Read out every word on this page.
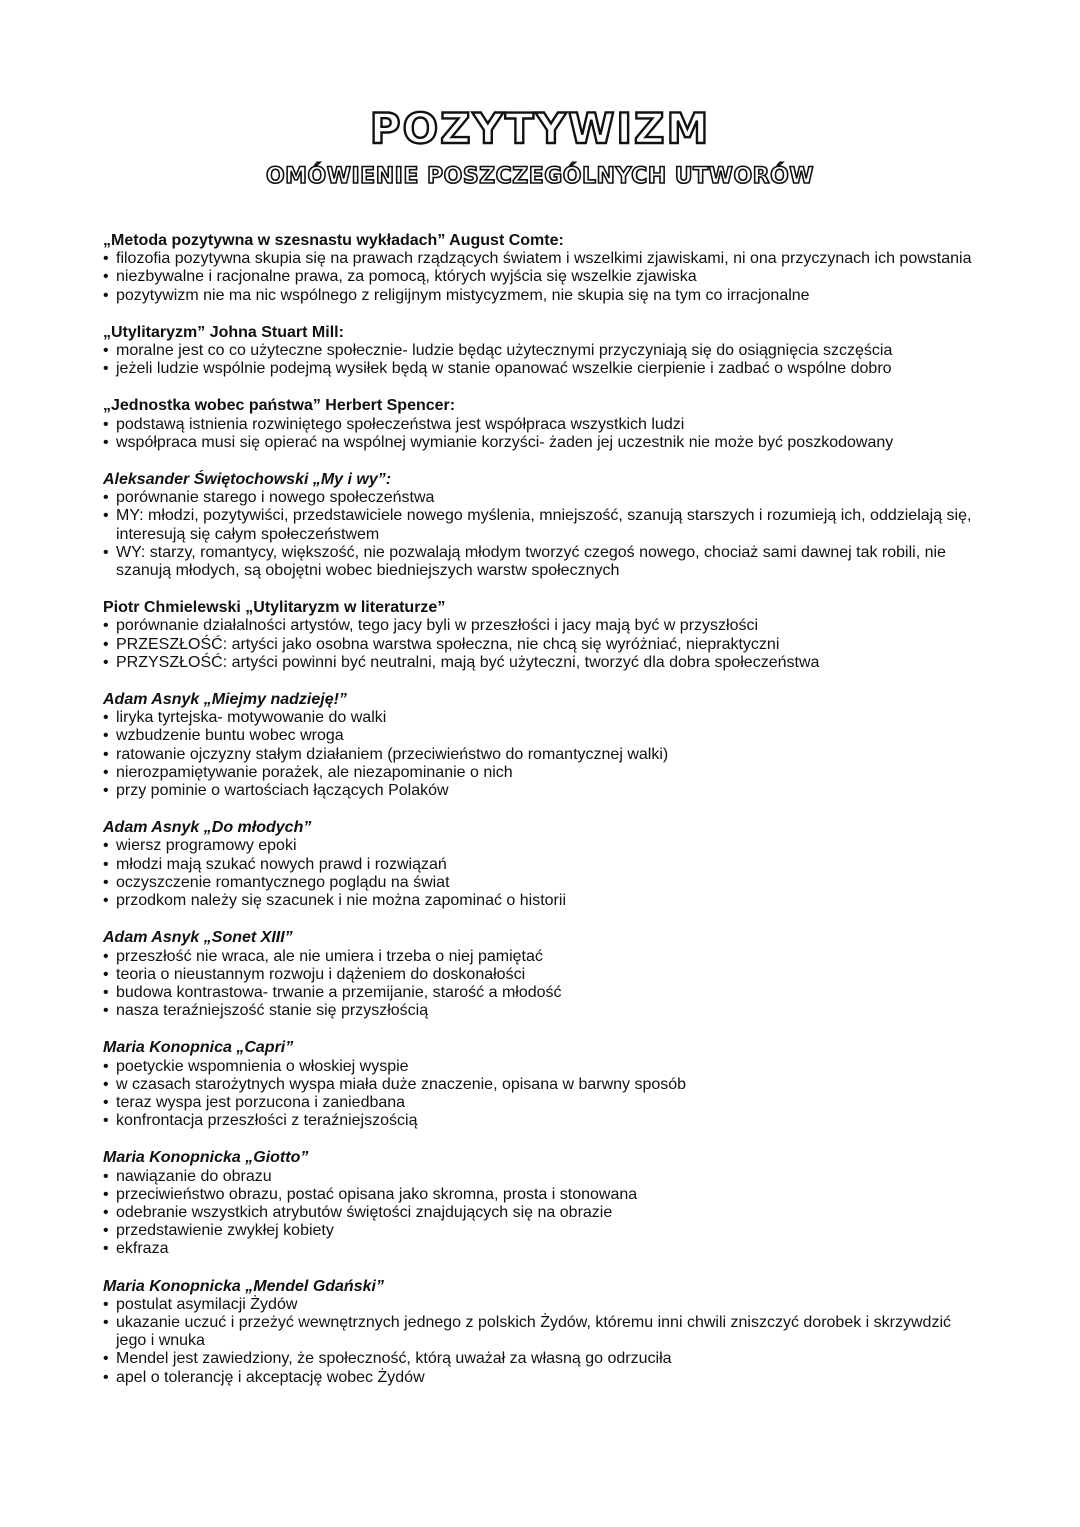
POZYTYWIZM
OMÓWIENIE POSZCZEGÓLNYCH UTWORÓW
„Metoda pozytywna w szesnastu wykładach” August Comte:
• filozofia pozytywna skupia się na prawach rządzących światem i wszelkimi zjawiskami, ni ona przyczynach ich powstania
• niezbywalne i racjonalne prawa, za pomocą, których wyjścia się wszelkie zjawiska
• pozytywizm nie ma nic wspólnego z religijnym mistycyzmem, nie skupia się na tym co irracjonalne
„Utylitaryzm” Johna Stuart Mill:
• moralne jest co co użyteczne społecznie- ludzie będąc użytecznymi przyczyniają się do osiągnięcia szczęścia
• jeżeli ludzie wspólnie podejmą wysiłek będą w stanie opanować wszelkie cierpienie i zadbać o wspólne dobro
„Jednostka wobec państwa” Herbert Spencer:
• podstawą istnienia rozwiniętego społeczeństwa jest współpraca wszystkich ludzi
• współpraca musi się opierać na wspólnej wymianie korzyści- żaden jej uczestnik nie może być poszkodowany
Aleksander Świętochowski „My i wy”:
• porównanie starego i nowego społeczeństwa
• MY: młodzi, pozytywiści, przedstawiciele nowego myślenia, mniejszość, szanują starszych i rozumieją ich, oddzielają się, interesują się całym społeczeństwem
• WY: starzy, romantycy, większość, nie pozwalają młodym tworzyć czegoś nowego, chociaż sami dawnej tak robili, nie szanują młodych, są obojętni wobec biedniejszych warstw społecznych
Piotr Chmielewski „Utylitaryzm w literaturze”
• porównanie działalności artystów, tego jacy byli w przeszłości i jacy mają być w przyszłości
• PRZESZŁOŚĆ: artyści jako osobna warstwa społeczna, nie chcą się wyróżniać, niepraktyczni
• PRZYSZŁOŚĆ: artyści powinni być neutralni, mają być użyteczni, tworzyć dla dobra społeczeństwa
Adam Asnyk „Miejmy nadzieję!”
• liryka tyrtejska- motywowanie do walki
• wzbudzenie buntu wobec wroga
• ratowanie ojczyzny stałym działaniem (przeciwieństwo do romantycznej walki)
• nierozpamiętywanie porażek, ale niezapominanie o nich
• przy pominie o wartościach łączących Polaków
Adam Asnyk „Do młodych”
• wiersz programowy epoki
• młodzi mają szukać nowych prawd i rozwiązań
• oczyszczenie romantycznego poglądu na świat
• przodkom należy się szacunek i nie można zapominać o historii
Adam Asnyk „Sonet XIII”
• przeszłość nie wraca, ale nie umiera i trzeba o niej pamiętać
• teoria o nieustannym rozwoju i dążeniem do doskonałości
• budowa kontrastowa- trwanie a przemijanie, starość a młodość
• nasza teraźniejszość stanie się przyszłością
Maria Konopnica „Capri”
• poetyckie wspomnienia o włoskiej wyspie
• w czasach starożytnych wyspa miała duże znaczenie, opisana w barwny sposób
• teraz wyspa jest porzucona i zaniedbana
• konfrontacja przeszłości z teraźniejszością
Maria Konopnicka „Giotto”
• nawiązanie do obrazu
• przeciwieństwo obrazu, postać opisana jako skromna, prosta i stonowana
• odebranie wszystkich atrybutów świętości znajdujących się na obrazie
• przedstawienie zwykłej kobiety
• ekfraza
Maria Konopnicka „Mendel Gdański”
• postulat asymilacji Żydów
• ukazanie uczuć i przeżyć wewnętrznych jednego z polskich Żydów, któremu inni chwili zniszczyć dorobek i skrzywdzić jego i wnuka
• Mendel jest zawiedziony, że społeczność, którą uważał za własną go odrzuciła
• apel o tolerancję i akceptację wobec Żydów
